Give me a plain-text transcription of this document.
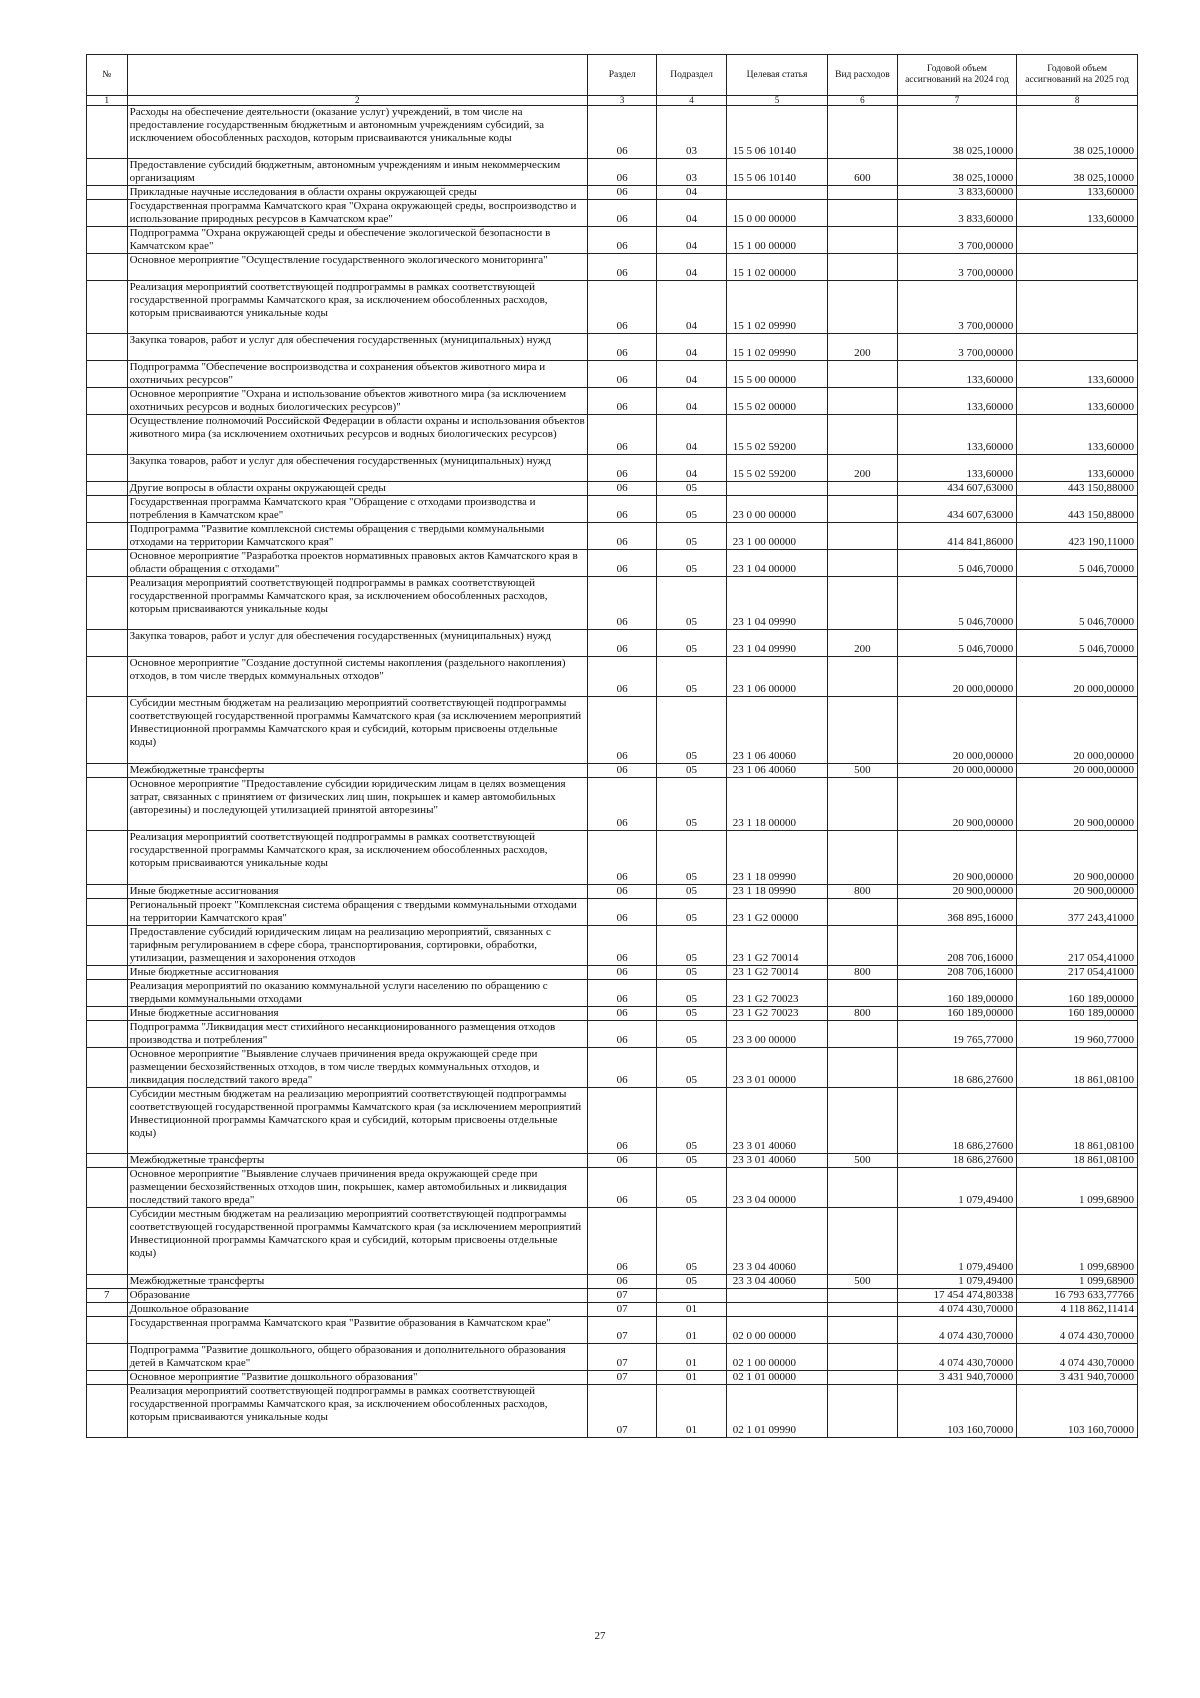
№		Раздел	Подраздел	Целевая статья	Вид расходов	Годовой объем ассигнований на 2024 год	Годовой объем ассигнований на 2025 год
1	2	3	4	5	6	7	8
	Расходы на обеспечение деятельности (оказание услуг) учреждений, в том числе на предоставление государственным бюджетным и автономным учреждениям субсидий, за исключением обособленных расходов, которым присваиваются уникальные коды	06	03	15 5 06 10140		38 025,10000	38 025,10000
	Предоставление субсидий бюджетным, автономным учреждениям и иным некоммерческим организациям	06	03	15 5 06 10140	600	38 025,10000	38 025,10000
	Прикладные научные исследования в области охраны окружающей среды	06	04			3 833,60000	133,60000
	Государственная программа Камчатского края "Охрана окружающей среды, воспроизводство и использование природных ресурсов в Камчатском крае"	06	04	15 0 00 00000		3 833,60000	133,60000
	Подпрограмма "Охрана окружающей среды и обеспечение экологической безопасности в Камчатском крае"	06	04	15 1 00 00000		3 700,00000	
	Основное мероприятие "Осуществление государственного экологического мониторинга"	06	04	15 1 02 00000		3 700,00000	
	Реализация мероприятий соответствующей подпрограммы в рамках соответствующей государственной программы Камчатского края, за исключением обособленных расходов, которым присваиваются уникальные коды	06	04	15 1 02 09990		3 700,00000	
	Закупка товаров, работ и услуг для обеспечения государственных (муниципальных) нужд	06	04	15 1 02 09990	200	3 700,00000	
	Подпрограмма "Обеспечение воспроизводства и сохранения объектов животного мира и охотничьих ресурсов"	06	04	15 5 00 00000		133,60000	133,60000
	Основное мероприятие "Охрана и использование объектов животного мира (за исключением охотничьих ресурсов и водных биологических ресурсов)"	06	04	15 5 02 00000		133,60000	133,60000
	Осуществление полномочий Российской Федерации в области охраны и использования объектов животного мира (за исключением охотничьих ресурсов и водных биологических ресурсов)	06	04	15 5 02 59200		133,60000	133,60000
	Закупка товаров, работ и услуг для обеспечения государственных (муниципальных) нужд	06	04	15 5 02 59200	200	133,60000	133,60000
	Другие вопросы в области охраны окружающей среды	06	05			434 607,63000	443 150,88000
	Государственная программа Камчатского края "Обращение с отходами производства и потребления в Камчатском крае"	06	05	23 0 00 00000		434 607,63000	443 150,88000
	Подпрограмма "Развитие комплексной системы обращения с твердыми коммунальными отходами на территории Камчатского края"	06	05	23 1 00 00000		414 841,86000	423 190,11000
	Основное мероприятие "Разработка проектов нормативных правовых актов Камчатского края в области обращения с отходами"	06	05	23 1 04 00000		5 046,70000	5 046,70000
	Реализация мероприятий соответствующей подпрограммы в рамках соответствующей государственной программы Камчатского края, за исключением обособленных расходов, которым присваиваются уникальные коды	06	05	23 1 04 09990		5 046,70000	5 046,70000
	Закупка товаров, работ и услуг для обеспечения государственных (муниципальных) нужд	06	05	23 1 04 09990	200	5 046,70000	5 046,70000
	Основное мероприятие "Создание доступной системы накопления (раздельного накопления) отходов, в том числе твердых коммунальных отходов"	06	05	23 1 06 00000		20 000,00000	20 000,00000
	Субсидии местным бюджетам на реализацию мероприятий соответствующей подпрограммы соответствующей государственной программы Камчатского края (за исключением мероприятий Инвестиционной программы Камчатского края и субсидий, которым присвоены отдельные коды)	06	05	23 1 06 40060		20 000,00000	20 000,00000
	Межбюджетные трансферты	06	05	23 1 06 40060	500	20 000,00000	20 000,00000
	Основное мероприятие "Предоставление субсидии юридическим лицам в целях возмещения затрат, связанных с принятием от физических лиц шин, покрышек и камер автомобильных (авторезины) и последующей утилизацией принятой авторезины"	06	05	23 1 18 00000		20 900,00000	20 900,00000
	Реализация мероприятий соответствующей подпрограммы в рамках соответствующей государственной программы Камчатского края, за исключением обособленных расходов, которым присваиваются уникальные коды	06	05	23 1 18 09990		20 900,00000	20 900,00000
	Иные бюджетные ассигнования	06	05	23 1 18 09990	800	20 900,00000	20 900,00000
	Региональный проект "Комплексная система обращения с твердыми коммунальными отходами на территории Камчатского края"	06	05	23 1 G2 00000		368 895,16000	377 243,41000
	Предоставление субсидий юридическим лицам на реализацию мероприятий, связанных с тарифным регулированием в сфере сбора, транспортирования, сортировки, обработки, утилизации, размещения и захоронения отходов	06	05	23 1 G2 70014		208 706,16000	217 054,41000
	Иные бюджетные ассигнования	06	05	23 1 G2 70014	800	208 706,16000	217 054,41000
	Реализация мероприятий по оказанию коммунальной услуги населению по обращению с твердыми коммунальными отходами	06	05	23 1 G2 70023		160 189,00000	160 189,00000
	Иные бюджетные ассигнования	06	05	23 1 G2 70023	800	160 189,00000	160 189,00000
	Подпрограмма "Ликвидация мест стихийного несанкционированного размещения отходов производства и потребления"	06	05	23 3 00 00000		19 765,77000	19 960,77000
	Основное мероприятие "Выявление случаев причинения вреда окружающей среде при размещении бесхозяйственных отходов, в том числе твердых коммунальных отходов, и ликвидация последствий такого вреда"	06	05	23 3 01 00000		18 686,27600	18 861,08100
	Субсидии местным бюджетам на реализацию мероприятий соответствующей подпрограммы соответствующей государственной программы Камчатского края (за исключением мероприятий Инвестиционной программы Камчатского края и субсидий, которым присвоены отдельные коды)	06	05	23 3 01 40060		18 686,27600	18 861,08100
	Межбюджетные трансферты	06	05	23 3 01 40060	500	18 686,27600	18 861,08100
	Основное мероприятие "Выявление случаев причинения вреда окружающей среде при размещении бесхозяйственных отходов шин, покрышек, камер автомобильных и ликвидация последствий такого вреда"	06	05	23 3 04 00000		1 079,49400	1 099,68900
	Субсидии местным бюджетам на реализацию мероприятий соответствующей подпрограммы соответствующей государственной программы Камчатского края (за исключением мероприятий Инвестиционной программы Камчатского края и субсидий, которым присвоены отдельные коды)	06	05	23 3 04 40060		1 079,49400	1 099,68900
	Межбюджетные трансферты	06	05	23 3 04 40060	500	1 079,49400	1 099,68900
7	Образование	07				17 454 474,80338	16 793 633,77766
	Дошкольное образование	07	01			4 074 430,70000	4 118 862,11414
	Государственная программа Камчатского края "Развитие образования в Камчатском крае"	07	01	02 0 00 00000		4 074 430,70000	4 074 430,70000
	Подпрограмма "Развитие дошкольного, общего образования и дополнительного образования детей в Камчатском крае"	07	01	02 1 00 00000		4 074 430,70000	4 074 430,70000
	Основное мероприятие "Развитие дошкольного образования"	07	01	02 1 01 00000		3 431 940,70000	3 431 940,70000
	Реализация мероприятий соответствующей подпрограммы в рамках соответствующей государственной программы Камчатского края, за исключением обособленных расходов, которым присваиваются уникальные коды	07	01	02 1 01 09990		103 160,70000	103 160,70000
27
